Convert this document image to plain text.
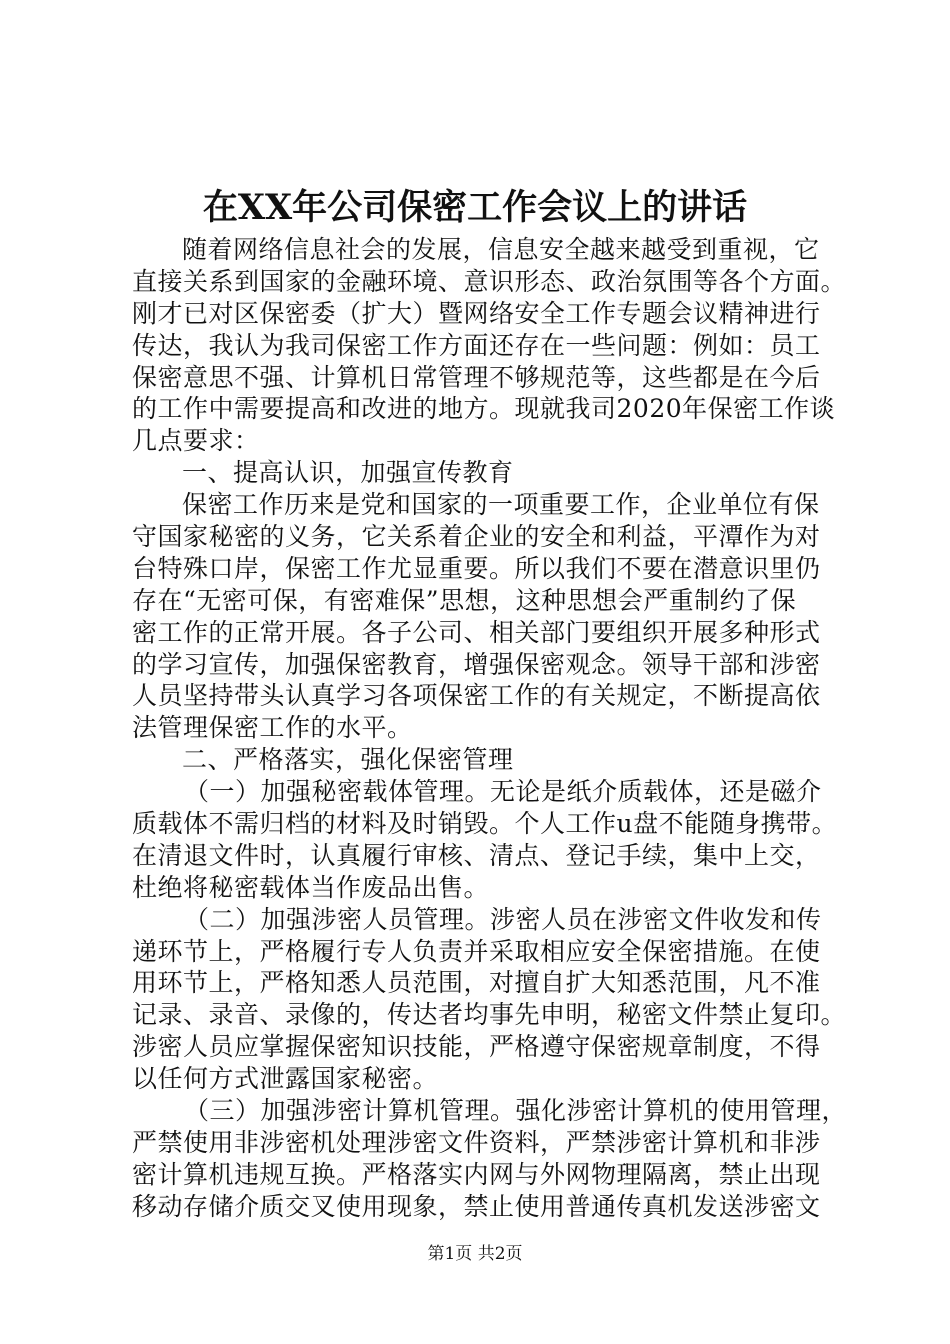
在XX年公司保密工作会议上的讲话
随着网络信息社会的发展，信息安全越来越受到重视，它
直接关系到国家的金融环境、意识形态、政治氛围等各个方面。
刚才已对区保密委（扩大）暨网络安全工作专题会议精神进行
传达，我认为我司保密工作方面还存在一些问题：例如：员工
保密意思不强、计算机日常管理不够规范等，这些都是在今后
的工作中需要提高和改进的地方。现就我司2020年保密工作谈
几点要求：
一、提高认识，加强宣传教育
保密工作历来是党和国家的一项重要工作，企业单位有保
守国家秘密的义务，它关系着企业的安全和利益，平潭作为对
台特殊口岸，保密工作尤显重要。所以我们不要在潜意识里仍
存在“无密可保，有密难保”思想，这种思想会严重制约了保
密工作的正常开展。各子公司、相关部门要组织开展多种形式
的学习宣传，加强保密教育，增强保密观念。领导干部和涉密
人员坚持带头认真学习各项保密工作的有关规定，不断提高依
法管理保密工作的水平。
二、严格落实，强化保密管理
（一）加强秘密载体管理。无论是纸介质载体，还是磁介
质载体不需归档的材料及时销毁。个人工作u盘不能随身携带。
在清退文件时，认真履行审核、清点、登记手续，集中上交，
杜绝将秘密载体当作废品出售。
（二）加强涉密人员管理。涉密人员在涉密文件收发和传
递环节上，严格履行专人负责并采取相应安全保密措施。在使
用环节上，严格知悉人员范围，对擅自扩大知悉范围，凡不准
记录、录音、录像的，传达者均事先申明，秘密文件禁止复印。
涉密人员应掌握保密知识技能，严格遵守保密规章制度，不得
以任何方式泄露国家秘密。
（三）加强涉密计算机管理。强化涉密计算机的使用管理，
严禁使用非涉密机处理涉密文件资料，严禁涉密计算机和非涉
密计算机违规互换。严格落实内网与外网物理隔离，禁止出现
移动存储介质交叉使用现象，禁止使用普通传真机发送涉密文
第1页 共2页
